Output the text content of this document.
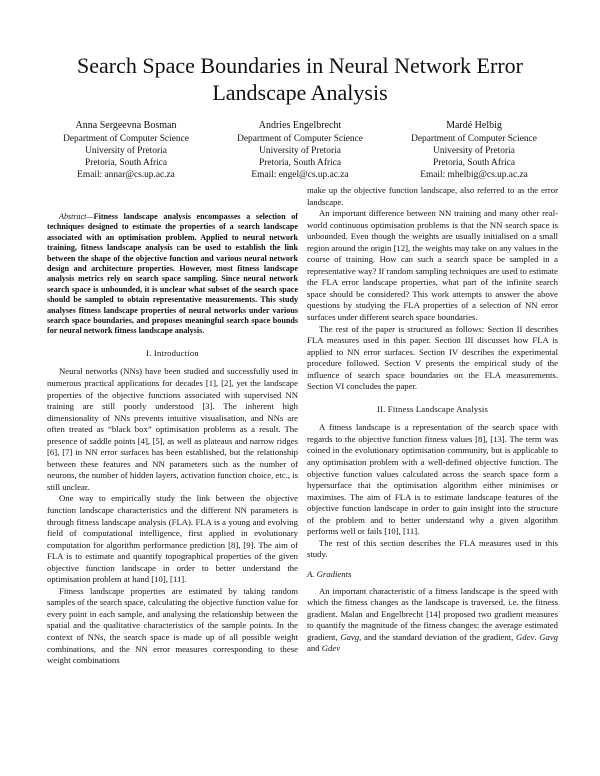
Search Space Boundaries in Neural Network Error Landscape Analysis
Anna Sergeevna Bosman
Department of Computer Science
University of Pretoria
Pretoria, South Africa
Email: annar@cs.up.ac.za
Andries Engelbrecht
Department of Computer Science
University of Pretoria
Pretoria, South Africa
Email: engel@cs.up.ac.za
Mardé Helbig
Department of Computer Science
University of Pretoria
Pretoria, South Africa
Email: mhelbig@cs.up.ac.za

Abstract—Fitness landscape analysis encompasses a selection of techniques designed to estimate the properties of a search landscape associated with an optimisation problem. Applied to neural network training, fitness landscape analysis can be used to establish the link between the shape of the objective function and various neural network design and architecture properties. However, most fitness landscape analysis metrics rely on search space sampling. Since neural network search space is unbounded, it is unclear what subset of the search space should be sampled to obtain representative measurements. This study analyses fitness landscape properties of neural networks under various search space boundaries, and proposes meaningful search space bounds for neural network fitness landscape analysis.

I. Introduction

Neural networks (NNs) have been studied and successfully used in numerous practical applications for decades [1], [2], yet the landscape properties of the objective functions associated with supervised NN training are still poorly understood [3]. The inherent high dimensionality of NNs prevents intuitive visualisation, and NNs are often treated as “black box” optimisation problems as a result. The presence of saddle points [4], [5], as well as plateaus and narrow ridges [6], [7] in NN error surfaces has been established, but the relationship between these features and NN parameters such as the number of neurons, the number of hidden layers, activation function choice, etc., is still unclear.

One way to empirically study the link between the objective function landscape characteristics and the different NN parameters is through fitness landscape analysis (FLA). FLA is a young and evolving field of computational intelligence, first applied in evolutionary computation for algorithm performance prediction [8], [9]. The aim of FLA is to estimate and quantify topographical properties of the given objective function landscape in order to better understand the optimisation problem at hand [10], [11].

Fitness landscape properties are estimated by taking random samples of the search space, calculating the objective function value for every point in each sample, and analysing the relationship between the spatial and the qualitative characteristics of the sample points. In the context of NNs, the search space is made up of all possible weight combinations, and the NN error measures corresponding to these weight combinations

make up the objective function landscape, also referred to as the error landscape.

An important difference between NN training and many other real-world continuous optimisation problems is that the NN search space is unbounded. Even though the weights are usually initialised on a small region around the origin [12], the weights may take on any values in the course of training. How can such a search space be sampled in a representative way? If random sampling techniques are used to estimate the FLA error landscape properties, what part of the infinite search space should be considered? This work attempts to answer the above questions by studying the FLA properties of a selection of NN error surfaces under different search space boundaries.

The rest of the paper is structured as follows: Section II describes FLA measures used in this paper. Section III discusses how FLA is applied to NN error surfaces. Section IV describes the experimental procedure followed. Section V presents the empirical study of the influence of search space boundaries on the FLA measurements. Section VI concludes the paper.

II. Fitness Landscape Analysis

A fitness landscape is a representation of the search space with regards to the objective function fitness values [8], [13]. The term was coined in the evolutionary optimisation community, but is applicable to any optimisation problem with a well-defined objective function. The objective function values calculated across the search space form a hypersurface that the optimisation algorithm either minimises or maximises. The aim of FLA is to estimate landscape features of the objective function landscape in order to gain insight into the structure of the problem and to better understand why a given algorithm performs well or fails [10], [11].

The rest of this section describes the FLA measures used in this study.

A. Gradients

An important characteristic of a fitness landscape is the speed with which the fitness changes as the landscape is traversed, i.e. the fitness gradient. Malan and Engelbrecht [14] proposed two gradient measures to quantify the magnitude of the fitness changes: the average estimated gradient, Gavg, and the standard deviation of the gradient, Gdev. Gavg and Gdev
